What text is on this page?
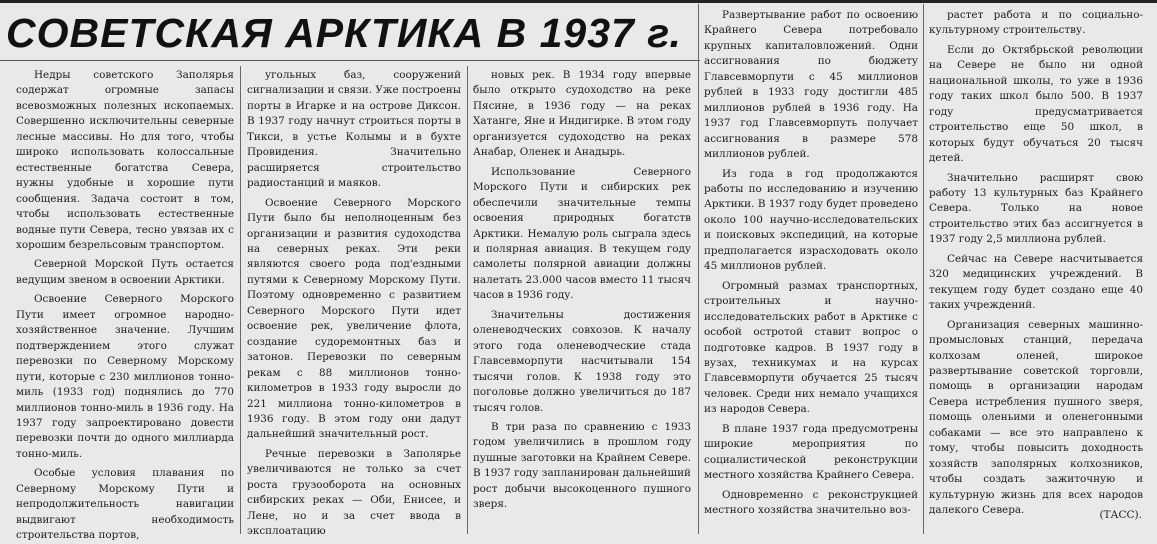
СОВЕТСКАЯ АРКТИКА В 1937 г.

Недры советского Заполярья содержат огромные запасы всевозможных полезных ископаемых. Совершенно исключительны северные лесные массивы. Но для того, чтобы широко использовать колоссальные естественные богатства Севера, нужны удобные и хорошие пути сообщения. Задача состоит в том, чтобы использовать естественные водные пути Севера, тесно увязав их с хорошим безрельсовым транспортом.

Северной Морской Путь остается ведущим звеном в освоении Арктики.

Освоение Северного Морского Пути имеет огромное народно-хозяйственное значение. Лучшим подтверждением этого служат перевозки по Северному Морскому пути, которые с 230 миллионов тонно-миль (1933 год) поднялись до 770 миллионов тонно-миль в 1936 году. На 1937 году запроектировано довести перевозки почти до одного миллиарда тонно-миль.

Особые условия плавания по Северному Морскому Пути и непродолжительность навигации выдвигают необходимость строительства портов,

угольных баз, сооружений сигнализации и связи. Уже построены порты в Игарке и на острове Диксон. В 1937 году начнут строиться порты в Тикси, в устье Колымы и в бухте Провидения. Значительно расширяется строительство радиостанций и маяков.

Освоение Северного Морского Пути было бы неполноценным без организации и развития судоходства на северных реках. Эти реки являются своего рода под'ездными путями к Северному Морскому Пути. Поэтому одновременно с развитием Северного Морского Пути идет освоение рек, увеличение флота, создание судоремонтных баз и затонов. Перевозки по северным рекам с 88 миллионов тонно-километров в 1933 году выросли до 221 миллиона тонно-километров в 1936 году. В этом году они дадут дальнейший значительный рост.

Речные перевозки в Заполярье увеличиваются не только за счет роста грузооборота на основных сибирских реках — Оби, Енисее, и Лене, но и за счет ввода в эксплоатацию

новых рек. В 1934 году впервые было открыто судоходство на реке Пясине, в 1936 году — на реках Хатанге, Яне и Индигирке. В этом году организуется судоходство на реках Анабар, Оленек и Анадырь.

Использование Северного Морского Пути и сибирских рек обеспечили значительные темпы освоения природных богатств Арктики. Немалую роль сыграла здесь и полярная авиация. В текущем году самолеты полярной авиации должны налетать 23.000 часов вместо 11 тысяч часов в 1936 году.

Значительны достижения оленеводческих совхозов. К началу этого года оленеводческие стада Главсевморпути насчитывали 154 тысячи голов. К 1938 году это поголовье должно увеличиться до 187 тысяч голов.

В три раза по сравнению с 1933 годом увеличились в прошлом году пушные заготовки на Крайнем Севере. В 1937 году запланирован дальнейший рост добычи высокоценного пушного зверя.

Развертывание работ по освоению Крайнего Севера потребовало крупных капиталовложений. Одни ассигнования по бюджету Главсевморпути с 45 миллионов рублей в 1933 году достигли 485 миллионов рублей в 1936 году. На 1937 год Главсевморпуть получает ассигнования в размере 578 миллионов рублей.

Из года в год продолжаются работы по исследованию и изучению Арктики. В 1937 году будет проведено около 100 научно-исследовательских и поисковых экспедиций, на которые предполагается израсходовать около 45 миллионов рублей.

Огромный размах транспортных, строительных и научно-исследовательских работ в Арктике с особой остротой ставит вопрос о подготовке кадров. В 1937 году в вузах, техникумах и на курсах Главсевморпути обучается 25 тысяч человек. Среди них немало учащихся из народов Севера.

В плане 1937 года предусмотрены широкие мероприятия по социалистической реконструкции местного хозяйства Крайнего Севера.

Одновременно с реконструкцией местного хозяйства значительно воз-

растет работа и по социально-культурному строительству.

Если до Октябрьской революции на Севере не было ни одной национальной школы, то уже в 1936 году таких школ было 500. В 1937 году предусматривается строительство еще 50 школ, в которых будут обучаться 20 тысяч детей.

Значительно расширят свою работу 13 культурных баз Крайнего Севера. Только на новое строительство этих баз ассигнуется в 1937 году 2,5 миллиона рублей.

Сейчас на Севере насчитывается 320 медицинских учреждений. В текущем году будет создано еще 40 таких учреждений.

Организация северных машинно-промысловых станций, передача колхозам оленей, широкое развертывание советской торговли, помощь в организации народам Севера истребления пушного зверя, помощь оленьими и оленегонными собаками — все это направлено к тому, чтобы повысить доходность хозяйств заполярных колхозников, чтобы создать зажиточную и культурную жизнь для всех народов далекого Севера.	(ТАСС).
